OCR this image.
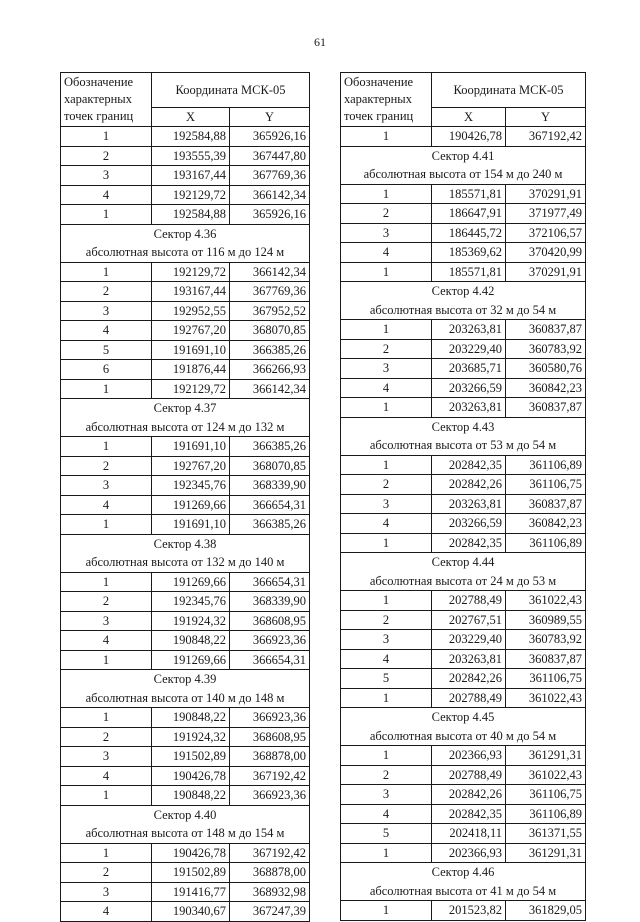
61
Обозначение характерных точек границ	Координата МСК-05	
	X	Y
1	192584,88	365926,16
2	193555,39	367447,80
3	193167,44	367769,36
4	192129,72	366142,34
1	192584,88	365926,16
Сектор 4.36		
абсолютная высота от 116 м до 124 м		
1	192129,72	366142,34
2	193167,44	367769,36
3	192952,55	367952,52
4	192767,20	368070,85
5	191691,10	366385,26
6	191876,44	366266,93
1	192129,72	366142,34
Сектор 4.37		
абсолютная высота от 124 м до 132 м		
1	191691,10	366385,26
2	192767,20	368070,85
3	192345,76	368339,90
4	191269,66	366654,31
1	191691,10	366385,26
Сектор 4.38		
абсолютная высота от 132 м до 140 м		
1	191269,66	366654,31
2	192345,76	368339,90
3	191924,32	368608,95
4	190848,22	366923,36
1	191269,66	366654,31
Сектор 4.39		
абсолютная высота от 140 м до 148 м		
1	190848,22	366923,36
2	191924,32	368608,95
3	191502,89	368878,00
4	190426,78	367192,42
1	190848,22	366923,36
Сектор 4.40		
абсолютная высота от 148 м до 154 м		
1	190426,78	367192,42
2	191502,89	368878,00
3	191416,77	368932,98
4	190340,67	367247,39
Обозначение характерных точек границ	Координата МСК-05	
	X	Y
1	190426,78	367192,42
Сектор 4.41		
абсолютная высота от 154 м до 240 м		
1	185571,81	370291,91
2	186647,91	371977,49
3	186445,72	372106,57
4	185369,62	370420,99
1	185571,81	370291,91
Сектор 4.42		
абсолютная высота от 32 м до 54 м		
1	203263,81	360837,87
2	203229,40	360783,92
3	203685,71	360580,76
4	203266,59	360842,23
1	203263,81	360837,87
Сектор 4.43		
абсолютная высота от 53 м до 54 м		
1	202842,35	361106,89
2	202842,26	361106,75
3	203263,81	360837,87
4	203266,59	360842,23
1	202842,35	361106,89
Сектор 4.44		
абсолютная высота от 24 м до 53 м		
1	202788,49	361022,43
2	202767,51	360989,55
3	203229,40	360783,92
4	203263,81	360837,87
5	202842,26	361106,75
1	202788,49	361022,43
Сектор 4.45		
абсолютная высота от 40 м до 54 м		
1	202366,93	361291,31
2	202788,49	361022,43
3	202842,26	361106,75
4	202842,35	361106,89
5	202418,11	361371,55
1	202366,93	361291,31
Сектор 4.46		
абсолютная высота от 41 м до 54 м		
1	201523,82	361829,05
